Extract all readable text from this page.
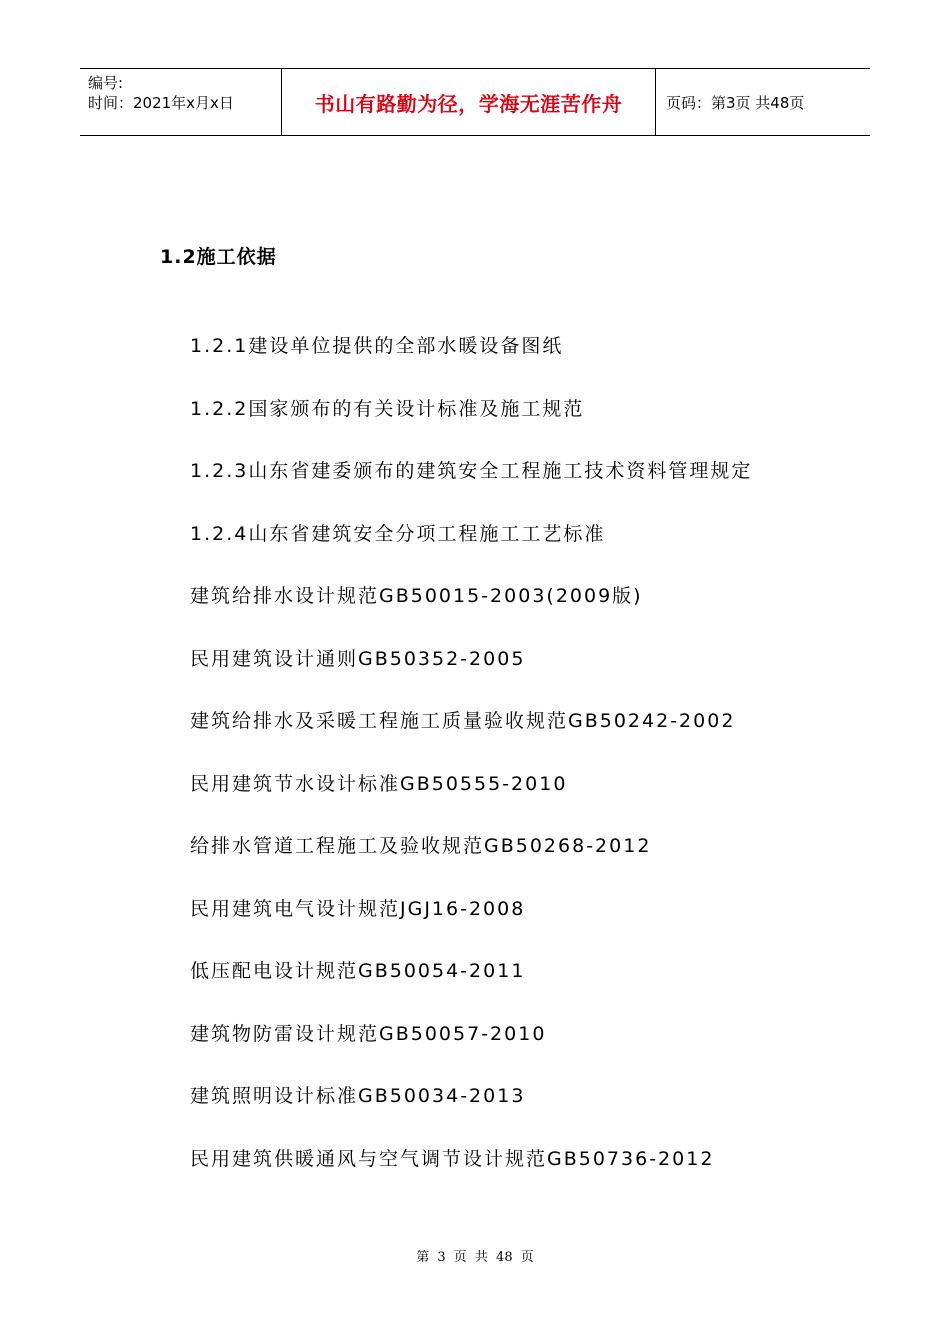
编号:
时间：2021年x月x日	书山有路勤为径，学海无涯苦作舟	页码：第3页 共48页
1.2施工依据
1.2.1建设单位提供的全部水暖设备图纸
1.2.2国家颁布的有关设计标准及施工规范
1.2.3山东省建委颁布的建筑安全工程施工技术资料管理规定
1.2.4山东省建筑安全分项工程施工工艺标准
建筑给排水设计规范GB50015-2003(2009版)
民用建筑设计通则GB50352-2005
建筑给排水及采暖工程施工质量验收规范GB50242-2002
民用建筑节水设计标准GB50555-2010
给排水管道工程施工及验收规范GB50268-2012
民用建筑电气设计规范JGJ16-2008
低压配电设计规范GB50054-2011
建筑物防雷设计规范GB50057-2010
建筑照明设计标准GB50034-2013
民用建筑供暖通风与空气调节设计规范GB50736-2012
第 3 页 共 48 页
